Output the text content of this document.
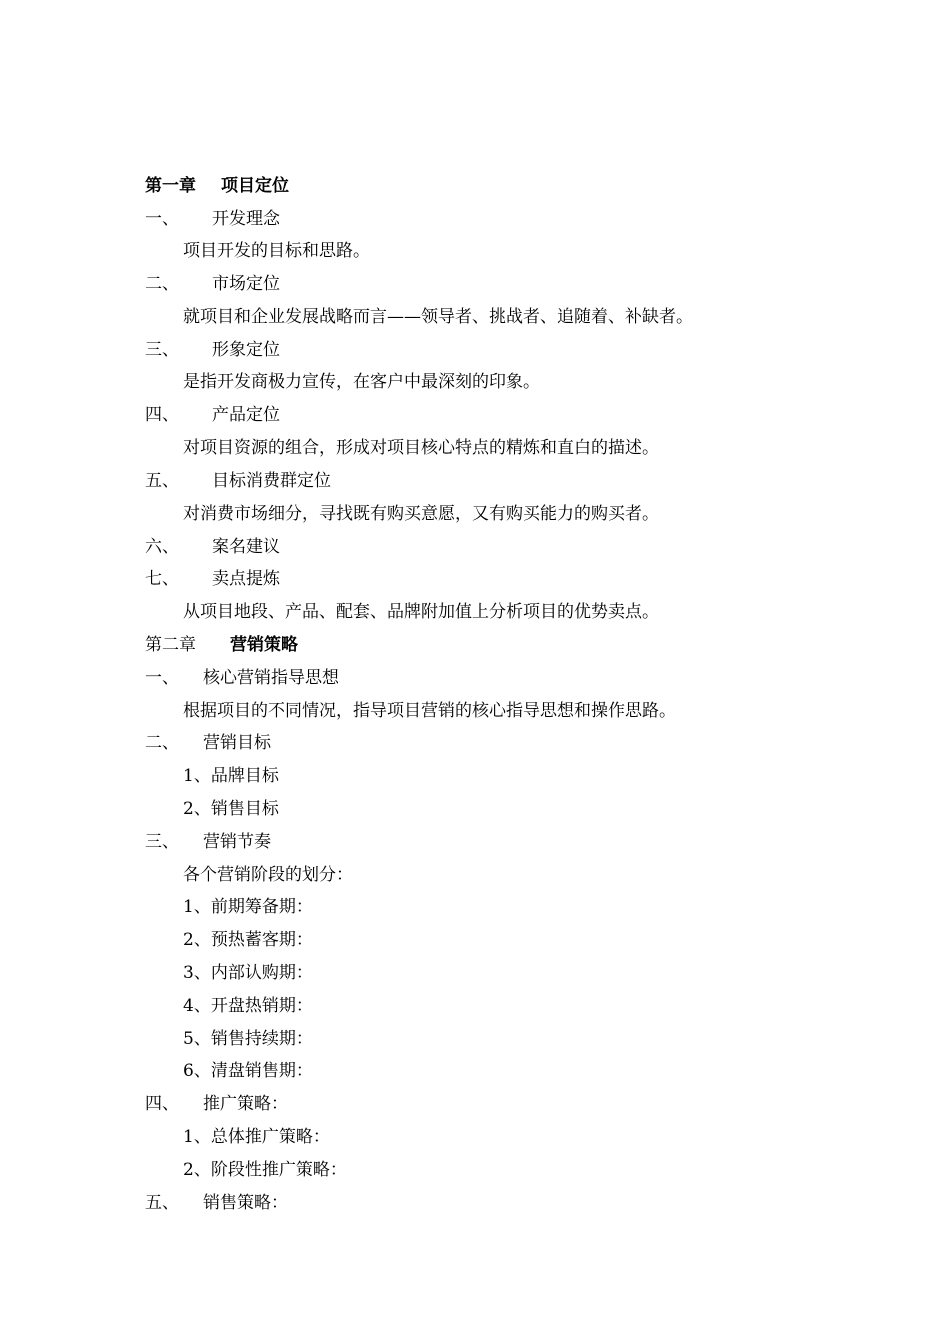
第一章 项目定位
一、 开发理念
项目开发的目标和思路。
二、 市场定位
就项目和企业发展战略而言——领导者、挑战者、追随着、补缺者。
三、 形象定位
是指开发商极力宣传，在客户中最深刻的印象。
四、 产品定位
对项目资源的组合，形成对项目核心特点的精炼和直白的描述。
五、 目标消费群定位
对消费市场细分，寻找既有购买意愿，又有购买能力的购买者。
六、 案名建议
七、 卖点提炼
从项目地段、产品、配套、品牌附加值上分析项目的优势卖点。
第二章 营销策略
一、 核心营销指导思想
根据项目的不同情况，指导项目营销的核心指导思想和操作思路。
二、 营销目标
1、品牌目标
2、销售目标
三、 营销节奏
各个营销阶段的划分：
1、前期筹备期：
2、预热蓄客期：
3、内部认购期：
4、开盘热销期：
5、销售持续期：
6、清盘销售期：
四、 推广策略：
1、总体推广策略：
2、阶段性推广策略：
五、 销售策略：
